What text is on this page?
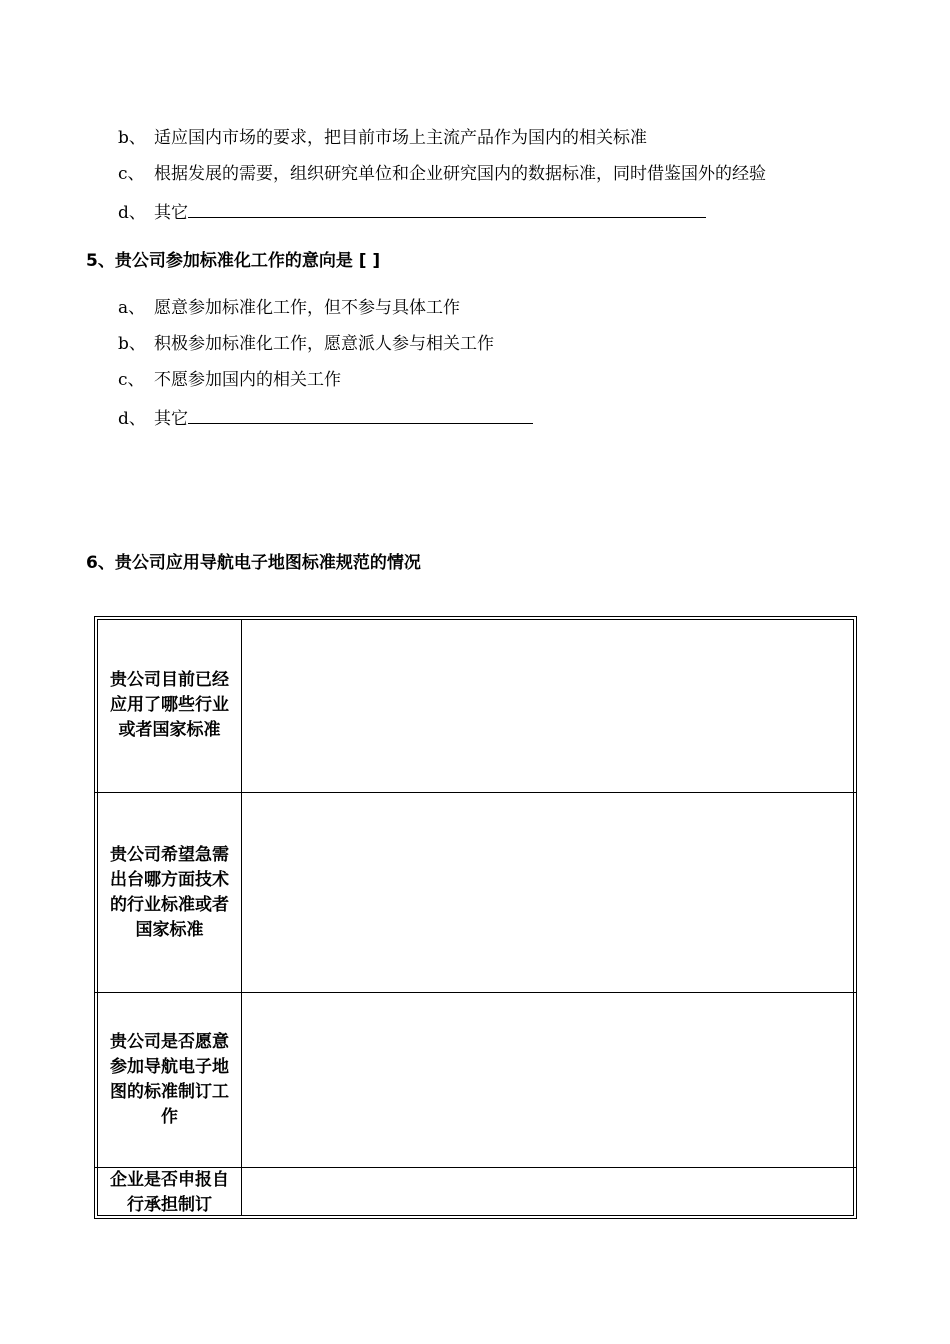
b、 适应国内市场的要求，把目前市场上主流产品作为国内的相关标准
c、 根据发展的需要，组织研究单位和企业研究国内的数据标准，同时借鉴国外的经验
d、 其它
5、贵公司参加标准化工作的意向是 [ ]
a、 愿意参加标准化工作，但不参与具体工作
b、 积极参加标准化工作，愿意派人参与相关工作
c、 不愿参加国内的相关工作
d、 其它
6、贵公司应用导航电子地图标准规范的情况
贵公司目前已经应用了哪些行业或者国家标准
贵公司希望急需出台哪方面技术的行业标准或者国家标准
贵公司是否愿意参加导航电子地图的标准制订工作
企业是否申报自行承担制订
